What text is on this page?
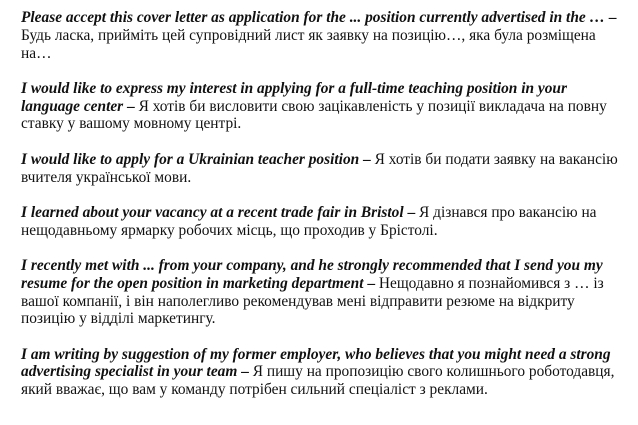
Please accept this cover letter as application for the ... position currently advertised in the … – Будь ласка, прийміть цей супровідний лист як заявку на позицію…, яка була розміщена на…

I would like to express my interest in applying for a full-time teaching position in your language center – Я хотів би висловити свою зацікавленість у позиції викладача на повну ставку у вашому мовному центрі.

I would like to apply for a Ukrainian teacher position – Я хотів би подати заявку на вакансію вчителя української мови.

I learned about your vacancy at a recent trade fair in Bristol – Я дізнався про вакансію на нещодавньому ярмарку робочих місць, що проходив у Брістолі.

I recently met with ... from your company, and he strongly recommended that I send you my resume for the open position in marketing department – Нещодавно я познайомився з … із вашої компанії, і він наполегливо рекомендував мені відправити резюме на відкриту позицію у відділі маркетингу.

I am writing by suggestion of my former employer, who believes that you might need a strong advertising specialist in your team – Я пишу на пропозицію свого колишнього роботодавця, який вважає, що вам у команду потрібен сильний спеціаліст з реклами.
